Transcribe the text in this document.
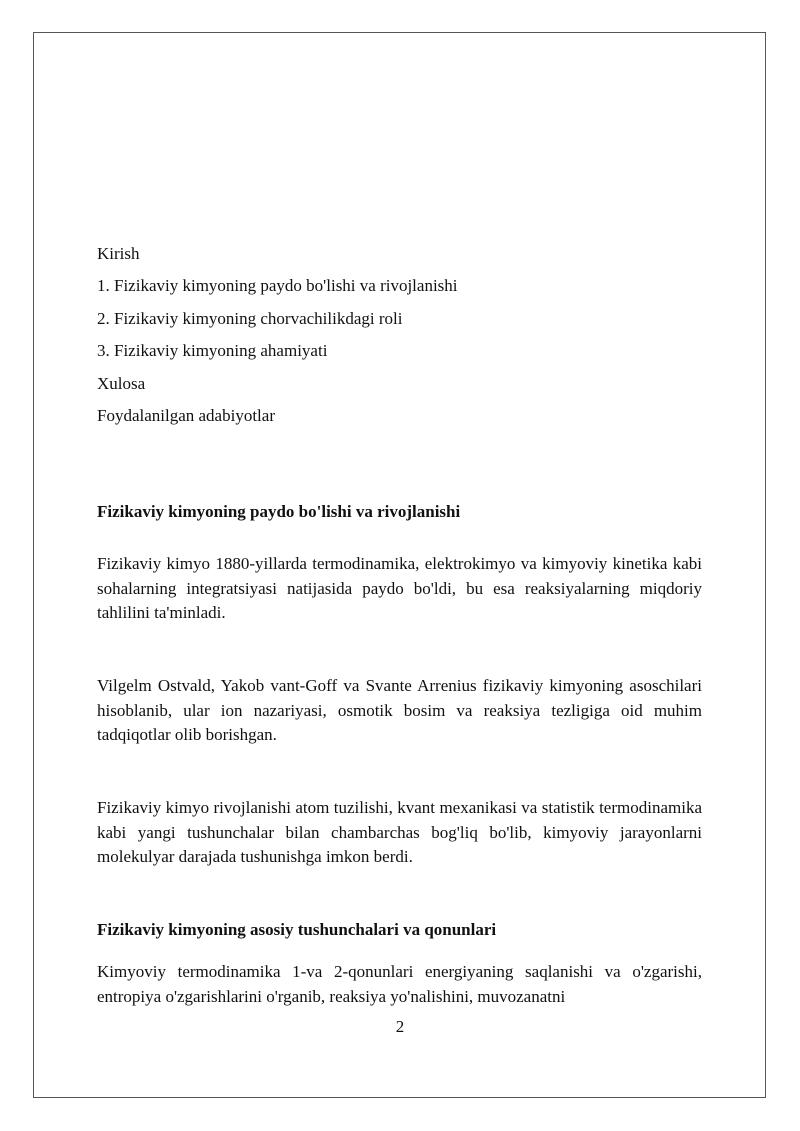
Kirish
1. Fizikaviy kimyoning paydo bo'lishi va rivojlanishi
2. Fizikaviy kimyoning chorvachilikdagi roli
3. Fizikaviy kimyoning ahamiyati
Xulosa
Foydalanilgan adabiyotlar
Fizikaviy kimyoning paydo bo'lishi va rivojlanishi

Fizikaviy kimyo 1880-yillarda termodinamika, elektrokimyo va kimyoviy kinetika kabi sohalarning integratsiyasi natijasida paydo bo'ldi, bu esa reaksiyalarning miqdoriy tahlilini ta'minladi.

Vilgelm Ostvald, Yakob vant-Goff va Svante Arrenius fizikaviy kimyoning asoschilari hisoblanib, ular ion nazariyasi, osmotik bosim va reaksiya tezligiga oid muhim tadqiqotlar olib borishgan.

Fizikaviy kimyo rivojlanishi atom tuzilishi, kvant mexanikasi va statistik termodinamika kabi yangi tushunchalar bilan chambarchas bog'liq bo'lib, kimyoviy jarayonlarni molekulyar darajada tushunishga imkon berdi.

Fizikaviy kimyoning asosiy tushunchalari va qonunlari

Kimyoviy termodinamika 1-va 2-qonunlari energiyaning saqlanishi va o'zgarishi, entropiya o'zgarishlarini o'rganib, reaksiya yo'nalishini, muvozanatni

2
